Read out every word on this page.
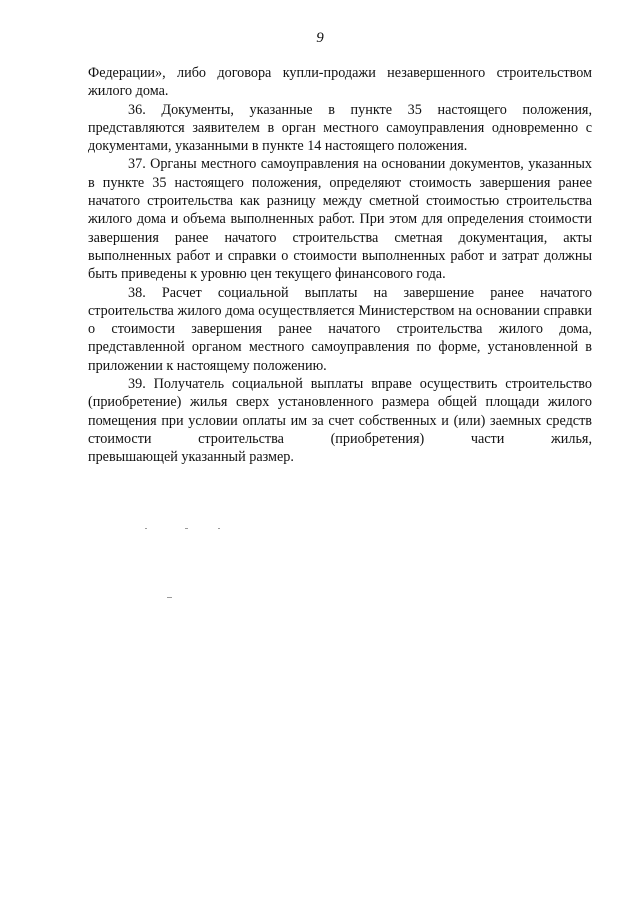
9

Федерации», либо договора купли-продажи незавершенного строительством жилого дома.

36. Документы, указанные в пункте 35 настоящего положения, представляются заявителем в орган местного самоуправления одновременно с документами, указанными в пункте 14 настоящего положения.

37. Органы местного самоуправления на основании документов, указанных в пункте 35 настоящего положения, определяют стоимость завершения ранее начатого строительства как разницу между сметной стоимостью строительства жилого дома и объема выполненных работ. При этом для определения стоимости завершения ранее начатого строительства сметная документация, акты выполненных работ и справки о стоимости выполненных работ и затрат должны быть приведены к уровню цен текущего финансового года.

38. Расчет социальной выплаты на завершение ранее начатого строительства жилого дома осуществляется Министерством на основании справки о стоимости завершения ранее начатого строительства жилого дома, представленной органом местного самоуправления по форме, установленной в приложении к настоящему положению.

39. Получатель социальной выплаты вправе осуществить строительство (приобретение) жилья сверх установленного размера общей площади жилого помещения при условии оплаты им за счет собственных и (или) заемных средств стоимости строительства (приобретения) части жилья,

превышающей указанный размер.
